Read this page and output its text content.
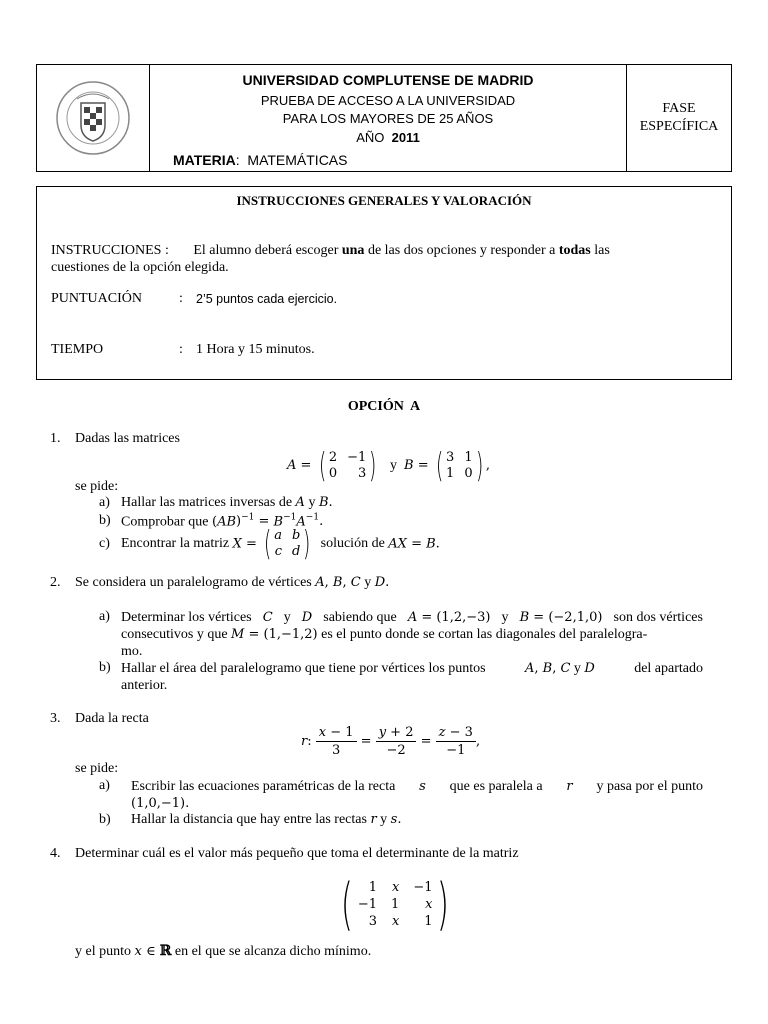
UNIVERSIDAD COMPLUTENSE DE MADRID
PRUEBA DE ACCESO A LA UNIVERSIDAD
PARA LOS MAYORES DE 25 AÑOS
AÑO 2011
MATERIA:  MATEMÁTICAS
FASE
ESPECÍFICA
INSTRUCCIONES GENERALES Y VALORACIÓN
INSTRUCCIONES : El alumno deberá escoger una de las dos opciones y responder a todas las
cuestiones de la opción elegida.
PUNTUACIÓN	: 2’5 puntos cada ejercicio.
TIEMPO	: 1 Hora y 15 minutos.
OPCIÓN  A
1. Dadas las matrices
A = ( 2 −1
0	3 )   y  B = ( 3 1
1 0 ) ,
se pide:
a) Hallar las matrices inversas de A y B.
b) Comprobar que $(AB)^{-1} = B^{-1}A^{-1}$.
c) Encontrar la matriz X = ( a b
c d ) solución de AX = B.
2. Se considera un paralelogramo de vértices A, B, C y D.
a) Determinar los vértices C y D sabiendo que A = (1,2,−3) y B = (−2,1,0) son dos vértices
consecutivos y que M = (1,−1,2) es el punto donde se cortan las diagonales del paralelogra-
mo.
b) Hallar el área del paralelogramo que tiene por vértices los puntos	A, B, C y D	del apartado
anterior.
3. Dada la recta
r: $\frac{x - 1}{3} = \frac{y + 2}{-2} = \frac{z - 3}{-1}$ ,
se pide:
a) Escribir las ecuaciones paramétricas de la recta s que es paralela a r y pasa por el punto
(1,0,−1).
b) Hallar la distancia que hay entre las rectas r y s.
4. Determinar cuál es el valor más pequeño que toma el determinante de la matriz
(	1 x −1
−1 1	x
3 x	1 )
y el punto x ∈ ℝ en el que se alcanza dicho mínimo.
